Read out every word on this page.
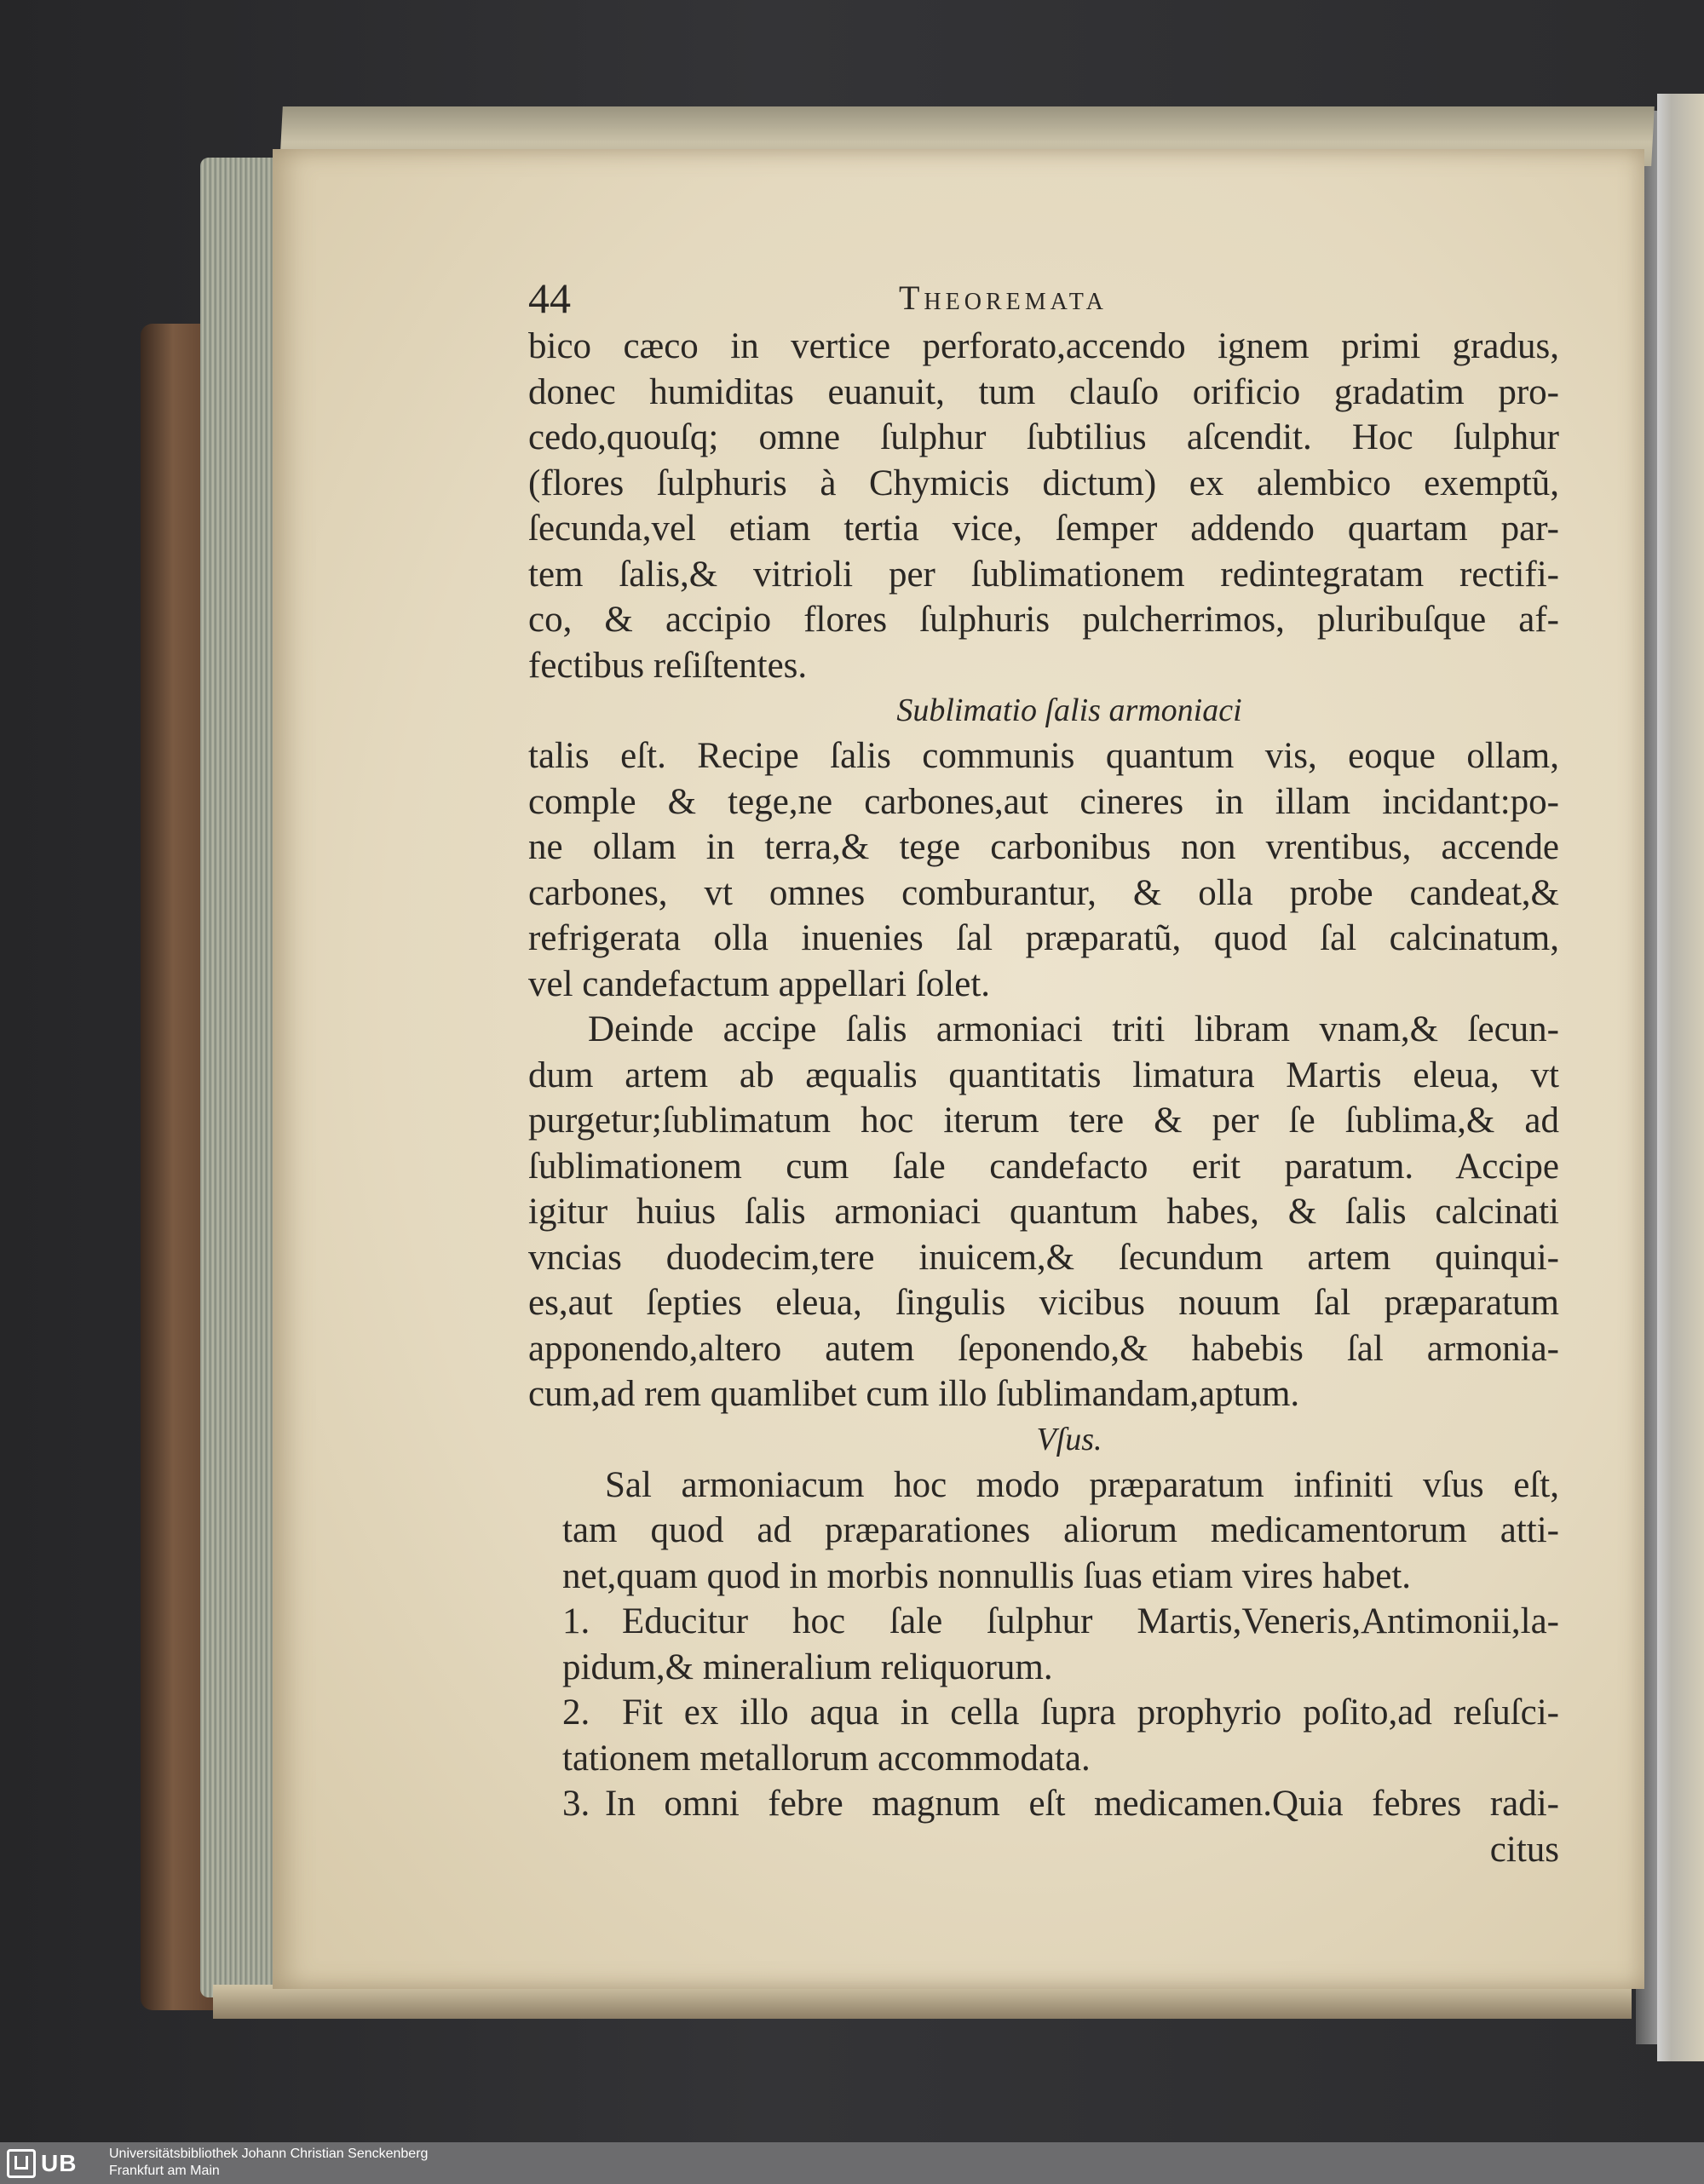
44	Theoremata
bico cæco in vertice perforato,accendo ignem primi gradus,
donec humiditas euanuit, tum clauſo orificio gradatim pro-
cedo,quouſq; omne ſulphur ſubtilius aſcendit. Hoc ſulphur
(flores ſulphuris à Chymicis dictum) ex alembico exemptũ,
ſecunda,vel etiam tertia vice, ſemper addendo quartam par-
tem ſalis,& vitrioli per ſublimationem redintegratam rectifi-
co, & accipio flores ſulphuris pulcherrimos, pluribuſque af-
fectibus reſiſtentes.
Sublimatio ſalis armoniaci
talis eſt. Recipe ſalis communis quantum vis, eoque ollam,
comple & tege,ne carbones,aut cineres in illam incidant:po-
ne ollam in terra,& tege carbonibus non vrentibus, accende
carbones, vt omnes comburantur, & olla probe candeat,&
refrigerata olla inuenies ſal præparatũ, quod ſal calcinatum,
vel candefactum appellari ſolet.
Deinde accipe ſalis armoniaci triti libram vnam,& ſecun-
dum artem ab æqualis quantitatis limatura Martis eleua, vt
purgetur;ſublimatum hoc iterum tere & per ſe ſublima,& ad
ſublimationem cum ſale candefacto erit paratum. Accipe
igitur huius ſalis armoniaci quantum habes, & ſalis calcinati
vncias duodecim,tere inuicem,& ſecundum artem quinqui-
es,aut ſepties eleua, ſingulis vicibus nouum ſal præparatum
apponendo,altero autem ſeponendo,& habebis ſal armonia-
cum,ad rem quamlibet cum illo ſublimandam,aptum.
Vſus.
Sal armoniacum hoc modo præparatum infiniti vſus eſt,
tam quod ad præparationes aliorum medicamentorum atti-
net,quam quod in morbis nonnullis ſuas etiam vires habet.
1. Educitur hoc ſale ſulphur Martis,Veneris,Antimonii,la-
pidum,& mineralium reliquorum.
2. Fit ex illo aqua in cella ſupra prophyrio poſito,ad reſuſci-
tationem metallorum accommodata.
3. In omni febre magnum eſt medicamen.Quia febres radi-
citus
UB Universitätsbibliothek Johann Christian Senckenberg
Frankfurt am Main
